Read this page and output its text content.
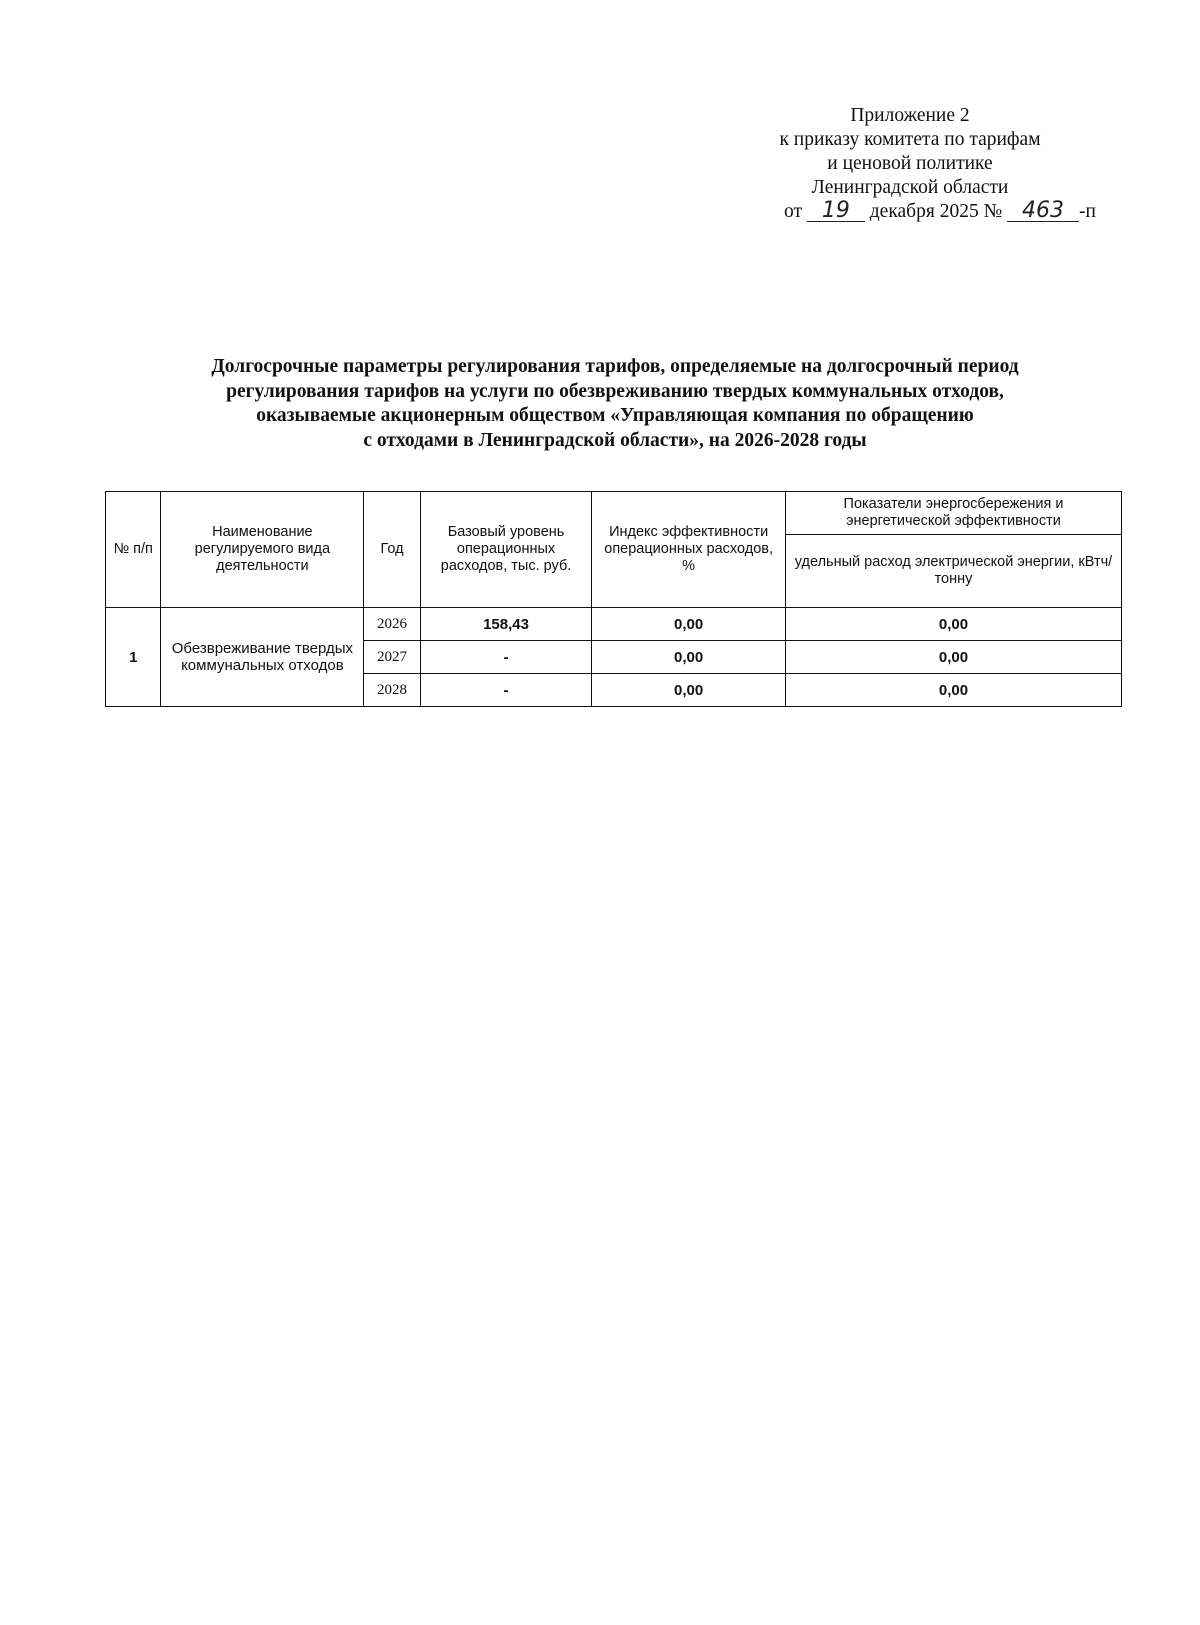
Приложение 2
к приказу комитета по тарифам
и ценовой политике
Ленинградской области
от 19 декабря 2025 № 463 -п
Долгосрочные параметры регулирования тарифов, определяемые на долгосрочный период
регулирования тарифов на услуги по обезвреживанию твердых коммунальных отходов,
оказываемые акционерным обществом «Управляющая компания по обращению
с отходами в Ленинградской области», на 2026-2028 годы
№ п/п	Наименование регулируемого вида деятельности	Год	Базовый уровень операционных расходов, тыс. руб.	Индекс эффективности операционных расходов, %	Показатели энергосбережения и энергетической эффективности
					удельный расход электрической энергии, кВтч/тонну
1	Обезвреживание твердых коммунальных отходов	2026	158,43	0,00	0,00
		2027	-	0,00	0,00
		2028	-	0,00	0,00
